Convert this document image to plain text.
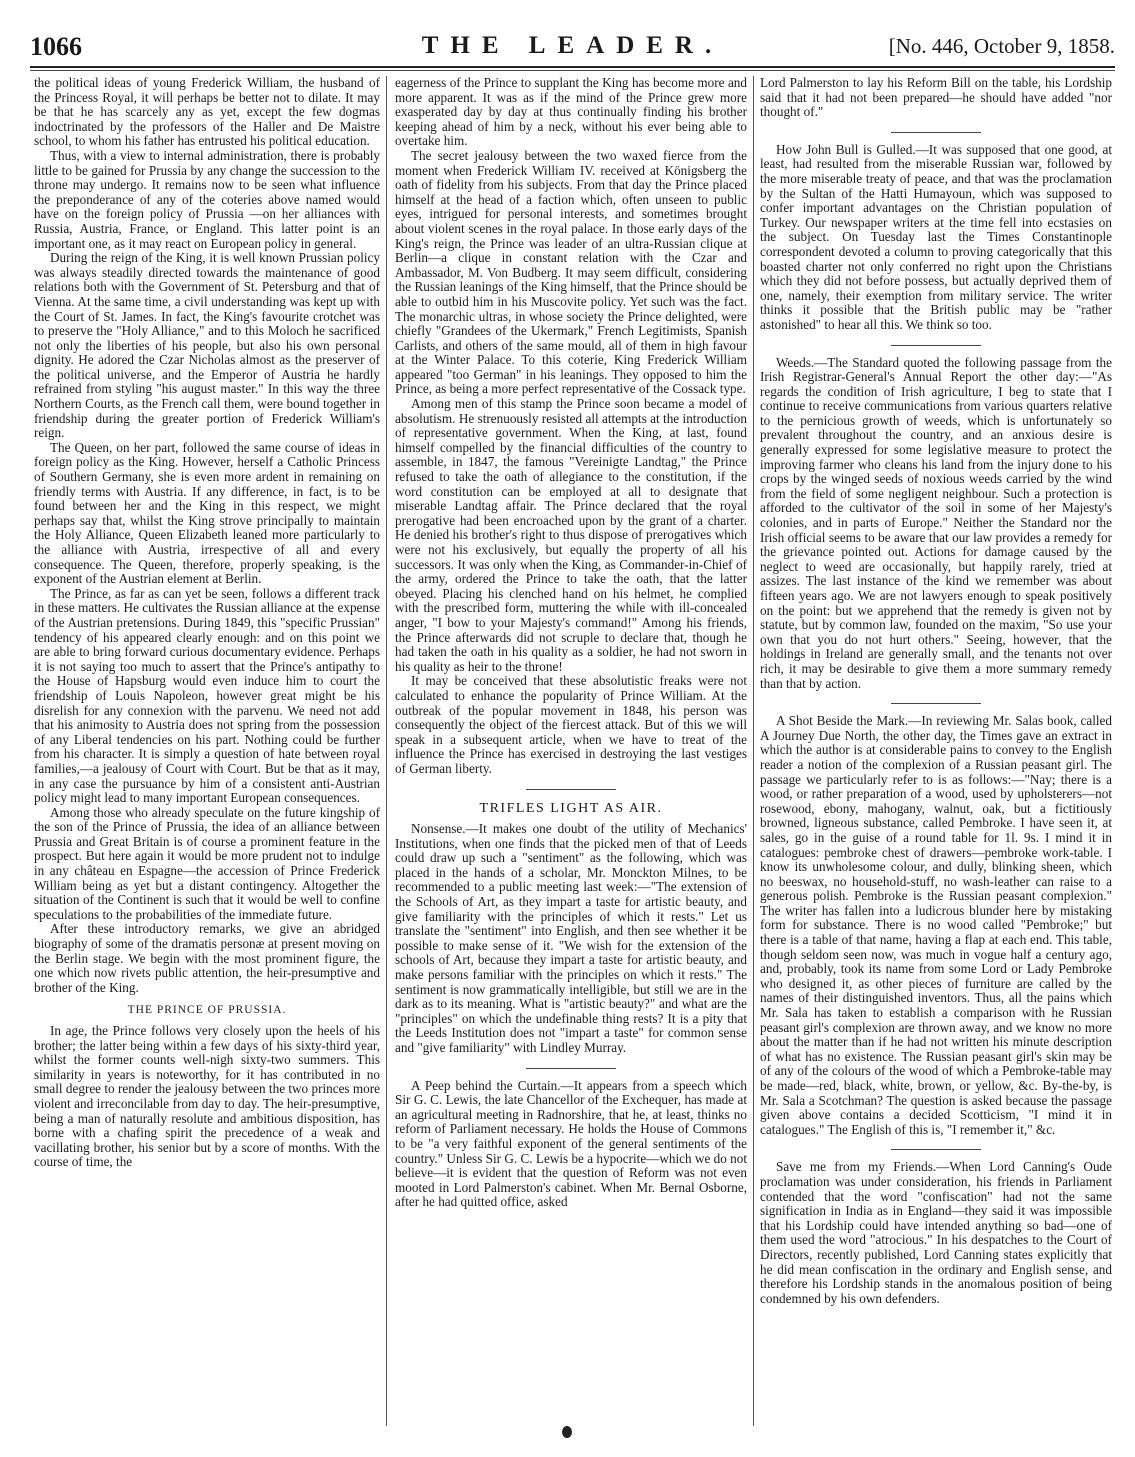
1066	THE LEADER.	[No. 446, October 9, 1858.

the political ideas of young Frederick William, the husband of the Princess Royal, it will perhaps be better not to dilate. It may be that he has scarcely any as yet, except the few dogmas indoctrinated by the professors of the Haller and De Maistre school, to whom his father has entrusted his political education.

Thus, with a view to internal administration, there is probably little to be gained for Prussia by any change the succession to the throne may undergo. It remains now to be seen what influence the preponderance of any of the coteries above named would have on the foreign policy of Prussia —on her alliances with Russia, Austria, France, or England. This latter point is an important one, as it may react on European policy in general.

During the reign of the King, it is well known Prussian policy was always steadily directed towards the maintenance of good relations both with the Government of St. Petersburg and that of Vienna. At the same time, a civil understanding was kept up with the Court of St. James. In fact, the King's favourite crotchet was to preserve the "Holy Alliance," and to this Moloch he sacrificed not only the liberties of his people, but also his own personal dignity. He adored the Czar Nicholas almost as the preserver of the political universe, and the Emperor of Austria he hardly refrained from styling "his august master." In this way the three Northern Courts, as the French call them, were bound together in friendship during the greater portion of Frederick William's reign.

The Queen, on her part, followed the same course of ideas in foreign policy as the King. However, herself a Catholic Princess of Southern Germany, she is even more ardent in remaining on friendly terms with Austria. If any difference, in fact, is to be found between her and the King in this respect, we might perhaps say that, whilst the King strove principally to maintain the Holy Alliance, Queen Elizabeth leaned more particularly to the alliance with Austria, irrespective of all and every consequence. The Queen, therefore, properly speaking, is the exponent of the Austrian element at Berlin.

The Prince, as far as can yet be seen, follows a different track in these matters. He cultivates the Russian alliance at the expense of the Austrian pretensions. During 1849, this "specific Prussian" tendency of his appeared clearly enough: and on this point we are able to bring forward curious documentary evidence. Perhaps it is not saying too much to assert that the Prince's antipathy to the House of Hapsburg would even induce him to court the friendship of Louis Napoleon, however great might be his disrelish for any connexion with the parvenu. We need not add that his animosity to Austria does not spring from the possession of any Liberal tendencies on his part. Nothing could be further from his character. It is simply a question of hate between royal families,—a jealousy of Court with Court. But be that as it may, in any case the pursuance by him of a consistent anti-Austrian policy might lead to many important European consequences.

Among those who already speculate on the future kingship of the son of the Prince of Prussia, the idea of an alliance between Prussia and Great Britain is of course a prominent feature in the prospect. But here again it would be more prudent not to indulge in any château en Espagne—the accession of Prince Frederick William being as yet but a distant contingency. Altogether the situation of the Continent is such that it would be well to confine speculations to the probabilities of the immediate future.

After these introductory remarks, we give an abridged biography of some of the dramatis personæ at present moving on the Berlin stage. We begin with the most prominent figure, the one which now rivets public attention, the heir-presumptive and brother of the King.

THE PRINCE OF PRUSSIA.

In age, the Prince follows very closely upon the heels of his brother; the latter being within a few days of his sixty-third year, whilst the former counts well-nigh sixty-two summers. This similarity in years is noteworthy, for it has contributed in no small degree to render the jealousy between the two princes more violent and irreconcilable from day to day. The heir-presumptive, being a man of naturally resolute and ambitious disposition, has borne with a chafing spirit the precedence of a weak and vacillating brother, his senior but by a score of months. With the course of time, the

eagerness of the Prince to supplant the King has become more and more apparent. It was as if the mind of the Prince grew more exasperated day by day at thus continually finding his brother keeping ahead of him by a neck, without his ever being able to overtake him.

The secret jealousy between the two waxed fierce from the moment when Frederick William IV. received at Königsberg the oath of fidelity from his subjects. From that day the Prince placed himself at the head of a faction which, often unseen to public eyes, intrigued for personal interests, and sometimes brought about violent scenes in the royal palace. In those early days of the King's reign, the Prince was leader of an ultra-Russian clique at Berlin—a clique in constant relation with the Czar and Ambassador, M. Von Budberg. It may seem difficult, considering the Russian leanings of the King himself, that the Prince should be able to outbid him in his Muscovite policy. Yet such was the fact. The monarchic ultras, in whose society the Prince delighted, were chiefly "Grandees of the Ukermark," French Legitimists, Spanish Carlists, and others of the same mould, all of them in high favour at the Winter Palace. To this coterie, King Frederick William appeared "too German" in his leanings. They opposed to him the Prince, as being a more perfect representative of the Cossack type.

Among men of this stamp the Prince soon became a model of absolutism. He strenuously resisted all attempts at the introduction of representative government. When the King, at last, found himself compelled by the financial difficulties of the country to assemble, in 1847, the famous "Vereinigte Landtag," the Prince refused to take the oath of allegiance to the constitution, if the word constitution can be employed at all to designate that miserable Landtag affair. The Prince declared that the royal prerogative had been encroached upon by the grant of a charter. He denied his brother's right to thus dispose of prerogatives which were not his exclusively, but equally the property of all his successors. It was only when the King, as Commander-in-Chief of the army, ordered the Prince to take the oath, that the latter obeyed. Placing his clenched hand on his helmet, he complied with the prescribed form, muttering the while with ill-concealed anger, "I bow to your Majesty's command!" Among his friends, the Prince afterwards did not scruple to declare that, though he had taken the oath in his quality as a soldier, he had not sworn in his quality as heir to the throne!

It may be conceived that these absolutistic freaks were not calculated to enhance the popularity of Prince William. At the outbreak of the popular movement in 1848, his person was consequently the object of the fiercest attack. But of this we will speak in a subsequent article, when we have to treat of the influence the Prince has exercised in destroying the last vestiges of German liberty.

TRIFLES LIGHT AS AIR.

Nonsense.—It makes one doubt of the utility of Mechanics' Institutions, when one finds that the picked men of that of Leeds could draw up such a "sentiment" as the following, which was placed in the hands of a scholar, Mr. Monckton Milnes, to be recommended to a public meeting last week:—"The extension of the Schools of Art, as they impart a taste for artistic beauty, and give familiarity with the principles of which it rests." Let us translate the "sentiment" into English, and then see whether it be possible to make sense of it. "We wish for the extension of the schools of Art, because they impart a taste for artistic beauty, and make persons familiar with the principles on which it rests." The sentiment is now grammatically intelligible, but still we are in the dark as to its meaning. What is "artistic beauty?" and what are the "principles" on which the undefinable thing rests? It is a pity that the Leeds Institution does not "impart a taste" for common sense and "give familiarity" with Lindley Murray.

A Peep behind the Curtain.—It appears from a speech which Sir G. C. Lewis, the late Chancellor of the Exchequer, has made at an agricultural meeting in Radnorshire, that he, at least, thinks no reform of Parliament necessary. He holds the House of Commons to be "a very faithful exponent of the general sentiments of the country." Unless Sir G. C. Lewis be a hypocrite—which we do not believe—it is evident that the question of Reform was not even mooted in Lord Palmerston's cabinet. When Mr. Bernal Osborne, after he had quitted office, asked

Lord Palmerston to lay his Reform Bill on the table, his Lordship said that it had not been prepared—he should have added "nor thought of."

How John Bull is Gulled.—It was supposed that one good, at least, had resulted from the miserable Russian war, followed by the more miserable treaty of peace, and that was the proclamation by the Sultan of the Hatti Humayoun, which was supposed to confer important advantages on the Christian population of Turkey. Our newspaper writers at the time fell into ecstasies on the subject. On Tuesday last the Times Constantinople correspondent devoted a column to proving categorically that this boasted charter not only conferred no right upon the Christians which they did not before possess, but actually deprived them of one, namely, their exemption from military service. The writer thinks it possible that the British public may be "rather astonished" to hear all this. We think so too.

Weeds.—The Standard quoted the following passage from the Irish Registrar-General's Annual Report the other day:—"As regards the condition of Irish agriculture, I beg to state that I continue to receive communications from various quarters relative to the pernicious growth of weeds, which is unfortunately so prevalent throughout the country, and an anxious desire is generally expressed for some legislative measure to protect the improving farmer who cleans his land from the injury done to his crops by the winged seeds of noxious weeds carried by the wind from the field of some negligent neighbour. Such a protection is afforded to the cultivator of the soil in some of her Majesty's colonies, and in parts of Europe." Neither the Standard nor the Irish official seems to be aware that our law provides a remedy for the grievance pointed out. Actions for damage caused by the neglect to weed are occasionally, but happily rarely, tried at assizes. The last instance of the kind we remember was about fifteen years ago. We are not lawyers enough to speak positively on the point: but we apprehend that the remedy is given not by statute, but by common law, founded on the maxim, "So use your own that you do not hurt others." Seeing, however, that the holdings in Ireland are generally small, and the tenants not over rich, it may be desirable to give them a more summary remedy than that by action.

A Shot Beside the Mark.—In reviewing Mr. Salas book, called A Journey Due North, the other day, the Times gave an extract in which the author is at considerable pains to convey to the English reader a notion of the complexion of a Russian peasant girl. The passage we particularly refer to is as follows:—"Nay; there is a wood, or rather preparation of a wood, used by upholsterers—not rosewood, ebony, mahogany, walnut, oak, but a fictitiously browned, ligneous substance, called Pembroke. I have seen it, at sales, go in the guise of a round table for 1l. 9s. I mind it in catalogues: pembroke chest of drawers—pembroke work-table. I know its unwholesome colour, and dully, blinking sheen, which no beeswax, no household-stuff, no wash-leather can raise to a generous polish. Pembroke is the Russian peasant complexion." The writer has fallen into a ludicrous blunder here by mistaking form for substance. There is no wood called "Pembroke;" but there is a table of that name, having a flap at each end. This table, though seldom seen now, was much in vogue half a century ago, and, probably, took its name from some Lord or Lady Pembroke who designed it, as other pieces of furniture are called by the names of their distinguished inventors. Thus, all the pains which Mr. Sala has taken to establish a comparison with he Russian peasant girl's complexion are thrown away, and we know no more about the matter than if he had not written his minute description of what has no existence. The Russian peasant girl's skin may be of any of the colours of the wood of which a Pembroke-table may be made—red, black, white, brown, or yellow, &c. By-the-by, is Mr. Sala a Scotchman? The question is asked because the passage given above contains a decided Scotticism, "I mind it in catalogues." The English of this is, "I remember it," &c.

Save me from my Friends.—When Lord Canning's Oude proclamation was under consideration, his friends in Parliament contended that the word "confiscation" had not the same signification in India as in England—they said it was impossible that his Lordship could have intended anything so bad—one of them used the word "atrocious." In his despatches to the Court of Directors, recently published, Lord Canning states explicitly that he did mean confiscation in the ordinary and English sense, and therefore his Lordship stands in the anomalous position of being condemned by his own defenders.
